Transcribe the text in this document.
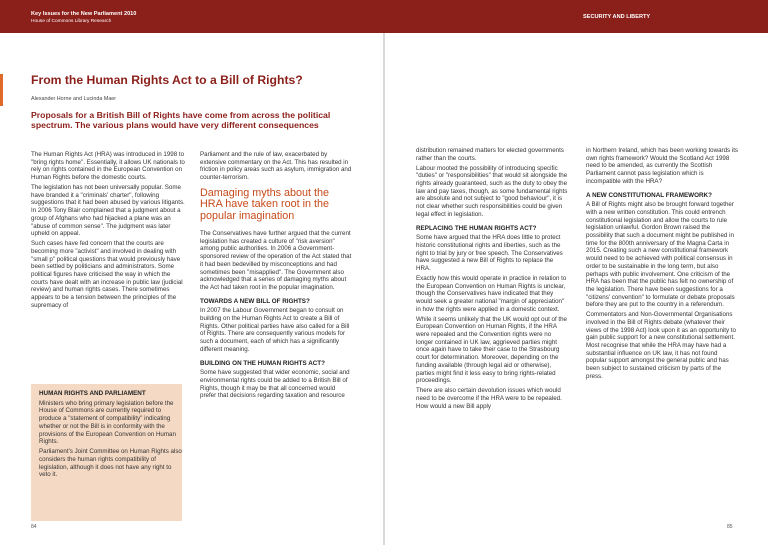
Key Issues for the New Parliament 2010
House of Commons Library Research
SECURITY AND LIBERTY
From the Human Rights Act to a Bill of Rights?
Alexander Horne and Lucinda Maer

Proposals for a British Bill of Rights have come from across the political spectrum. The various plans would have very different consequences

The Human Rights Act (HRA) was introduced in 1998 to "bring rights home". Essentially, it allows UK nationals to rely on rights contained in the European Convention on Human Rights before the domestic courts.

The legislation has not been universally popular. Some have branded it a "criminals' charter", following suggestions that it had been abused by various litigants. In 2006 Tony Blair complained that a judgment about a group of Afghans who had hijacked a plane was an "abuse of common sense". The judgment was later upheld on appeal.

Such cases have fed concern that the courts are becoming more "activist" and involved in dealing with "small p" political questions that would previously have been settled by politicians and administrators. Some political figures have criticised the way in which the courts have dealt with an increase in public law (judicial review) and human rights cases. There sometimes appears to be a tension between the principles of the supremacy of

HUMAN RIGHTS AND PARLIAMENT

Ministers who bring primary legislation before the House of Commons are currently required to produce a "statement of compatibility" indicating whether or not the Bill is in conformity with the provisions of the European Convention on Human Rights.

Parliament's Joint Committee on Human Rights also considers the human rights compatibility of legislation, although it does not have any right to veto it.

Parliament and the rule of law, exacerbated by extensive commentary on the Act. This has resulted in friction in policy areas such as asylum, immigration and counter-terrorism.

Damaging myths about the HRA have taken root in the popular imagination

The Conservatives have further argued that the current legislation has created a culture of "risk aversion" among public authorities. In 2006 a Government-sponsored review of the operation of the Act stated that it had been bedevilled by misconceptions and had sometimes been "misapplied". The Government also acknowledged that a series of damaging myths about the Act had taken root in the popular imagination.

TOWARDS A NEW BILL OF RIGHTS?

In 2007 the Labour Government began to consult on building on the Human Rights Act to create a Bill of Rights. Other political parties have also called for a Bill of Rights. There are consequently various models for such a document, each of which has a significantly different meaning.

BUILDING ON THE HUMAN RIGHTS ACT?

Some have suggested that wider economic, social and environmental rights could be added to a British Bill of Rights, though it may be that all concerned would prefer that decisions regarding taxation and resource

distribution remained matters for elected governments rather than the courts.

Labour mooted the possibility of introducing specific "duties" or "responsibilities" that would sit alongside the rights already guaranteed, such as the duty to obey the law and pay taxes, though, as some fundamental rights are absolute and not subject to "good behaviour", it is not clear whether such responsibilities could be given legal effect in legislation.

REPLACING THE HUMAN RIGHTS ACT?

Some have argued that the HRA does little to protect historic constitutional rights and liberties, such as the right to trial by jury or free speech. The Conservatives have suggested a new Bill of Rights to replace the HRA.

Exactly how this would operate in practice in relation to the European Convention on Human Rights is unclear, though the Conservatives have indicated that they would seek a greater national "margin of appreciation" in how the rights were applied in a domestic context.

While it seems unlikely that the UK would opt out of the European Convention on Human Rights, if the HRA were repealed and the Convention rights were no longer contained in UK law, aggrieved parties might once again have to take their case to the Strasbourg court for determination. Moreover, depending on the funding available (through legal aid or otherwise), parties might find it less easy to bring rights-related proceedings.

There are also certain devolution issues which would need to be overcome if the HRA were to be repealed. How would a new Bill apply

in Northern Ireland, which has been working towards its own rights framework? Would the Scotland Act 1998 need to be amended, as currently the Scottish Parliament cannot pass legislation which is incompatible with the HRA?

A NEW CONSTITUTIONAL FRAMEWORK?

A Bill of Rights might also be brought forward together with a new written constitution. This could entrench constitutional legislation and allow the courts to rule legislation unlawful. Gordon Brown raised the possibility that such a document might be published in time for the 800th anniversary of the Magna Carta in 2015. Creating such a new constitutional framework would need to be achieved with political consensus in order to be sustainable in the long term, but also perhaps with public involvement. One criticism of the HRA has been that the public has felt no ownership of the legislation. There have been suggestions for a "citizens' convention" to formulate or debate proposals before they are put to the country in a referendum.

Commentators and Non-Governmental Organisations involved in the Bill of Rights debate (whatever their views of the 1998 Act) look upon it as an opportunity to gain public support for a new constitutional settlement. Most recognise that while the HRA may have had a substantial influence on UK law, it has not found popular support amongst the general public and has been subject to sustained criticism by parts of the press.

84	85
